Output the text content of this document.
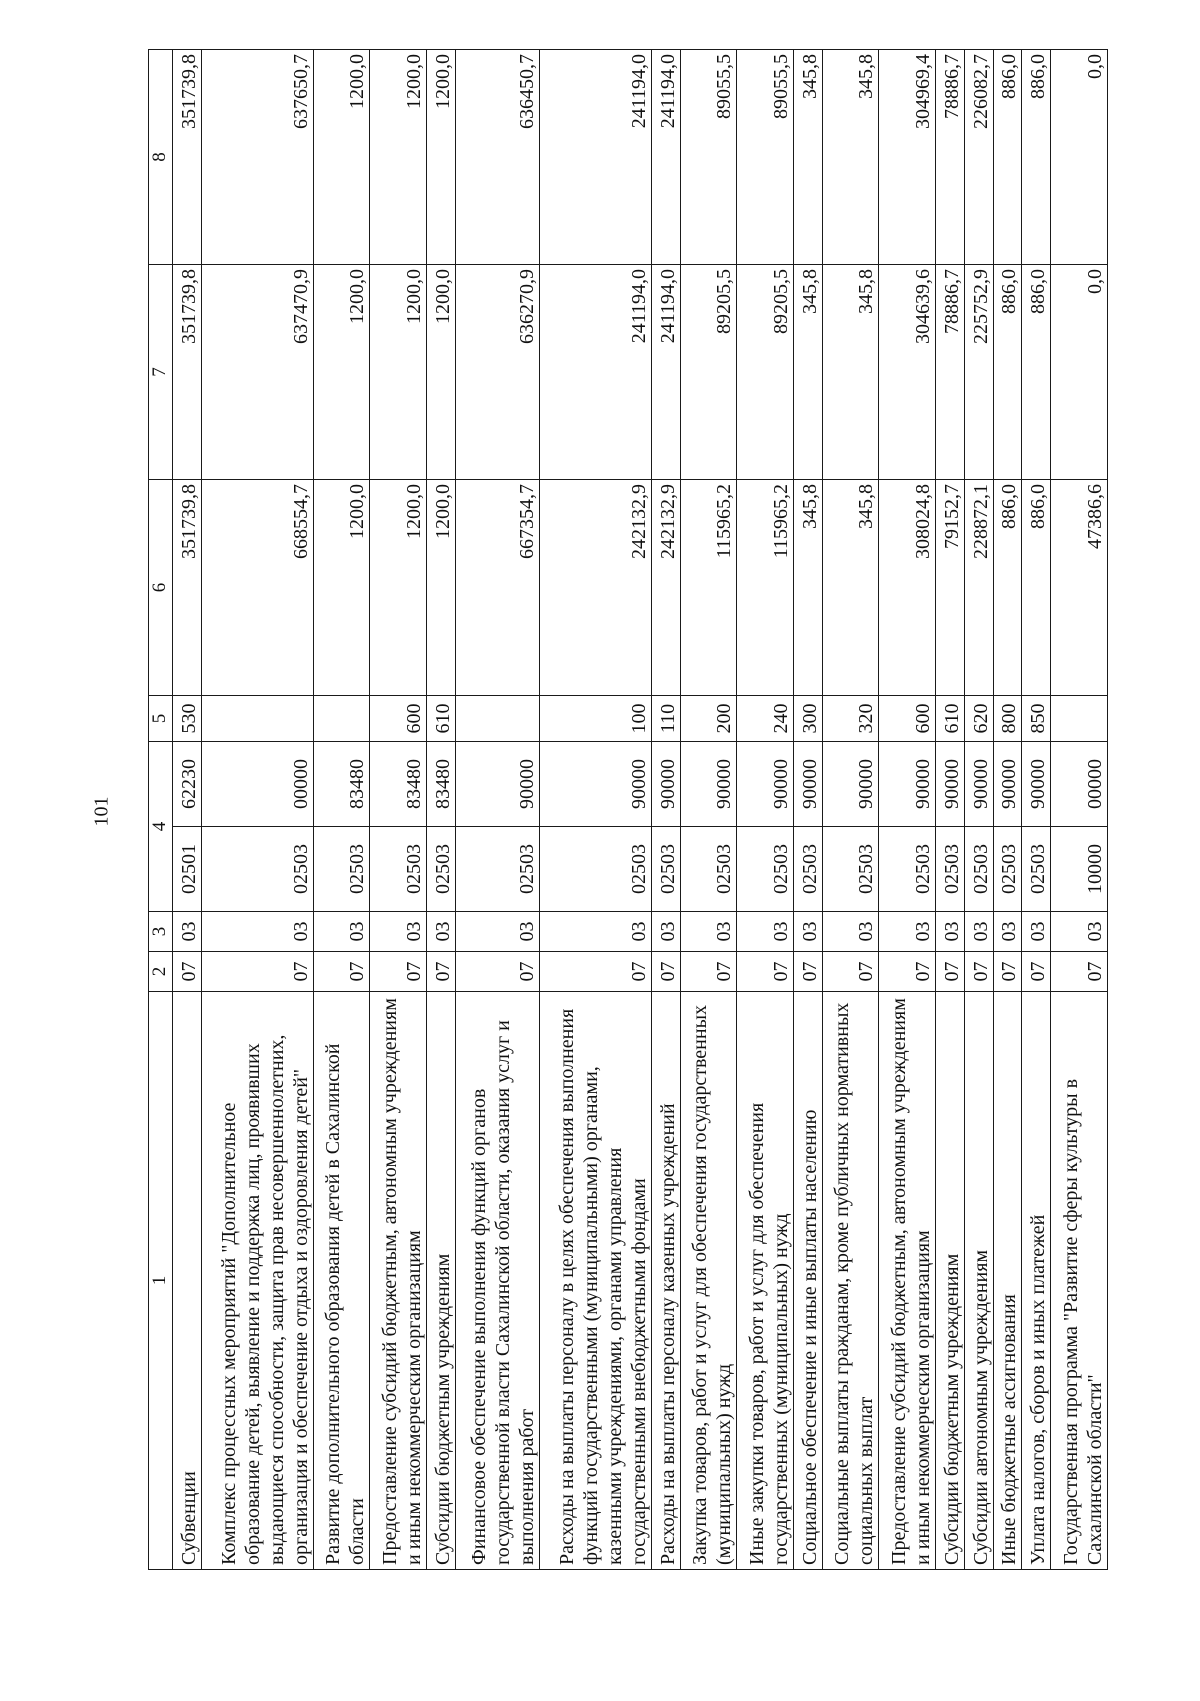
101
1	2	3	4		5	6	7	8
Субвенции	07	03	02501	62230	530	351739,8	351739,8	351739,8
Комплекс процессных мероприятий "Дополнительное образование детей, выявление и поддержка лиц, проявивших выдающиеся способности, защита прав несовершеннолетних, организация и обеспечение отдыха и оздоровления детей"	07	03	02503	00000		668554,7	637470,9	637650,7
Развитие дополнительного образования детей в Сахалинской области	07	03	02503	83480		1200,0	1200,0	1200,0
Предоставление субсидий бюджетным, автономным учреждениям и иным некоммерческим организациям	07	03	02503	83480	600	1200,0	1200,0	1200,0
Субсидии бюджетным учреждениям	07	03	02503	83480	610	1200,0	1200,0	1200,0
Финансовое обеспечение выполнения функций органов государственной власти Сахалинской области, оказания услуг и выполнения работ	07	03	02503	90000		667354,7	636270,9	636450,7
Расходы на выплаты персоналу в целях обеспечения выполнения функций государственными (муниципальными) органами, казенными учреждениями, органами управления государственными внебюджетными фондами	07	03	02503	90000	100	242132,9	241194,0	241194,0
Расходы на выплаты персоналу казенных учреждений	07	03	02503	90000	110	242132,9	241194,0	241194,0
Закупка товаров, работ и услуг для обеспечения государственных (муниципальных) нужд	07	03	02503	90000	200	115965,2	89205,5	89055,5
Иные закупки товаров, работ и услуг для обеспечения государственных (муниципальных) нужд	07	03	02503	90000	240	115965,2	89205,5	89055,5
Социальное обеспечение и иные выплаты населению	07	03	02503	90000	300	345,8	345,8	345,8
Социальные выплаты гражданам, кроме публичных нормативных социальных выплат	07	03	02503	90000	320	345,8	345,8	345,8
Предоставление субсидий бюджетным, автономным учреждениям и иным некоммерческим организациям	07	03	02503	90000	600	308024,8	304639,6	304969,4
Субсидии бюджетным учреждениям	07	03	02503	90000	610	79152,7	78886,7	78886,7
Субсидии автономным учреждениям	07	03	02503	90000	620	228872,1	225752,9	226082,7
Иные бюджетные ассигнования	07	03	02503	90000	800	886,0	886,0	886,0
Уплата налогов, сборов и иных платежей	07	03	02503	90000	850	886,0	886,0	886,0
Государственная программа "Развитие сферы культуры в Сахалинской области"	07	03	10000	00000		47386,6	0,0	0,0
